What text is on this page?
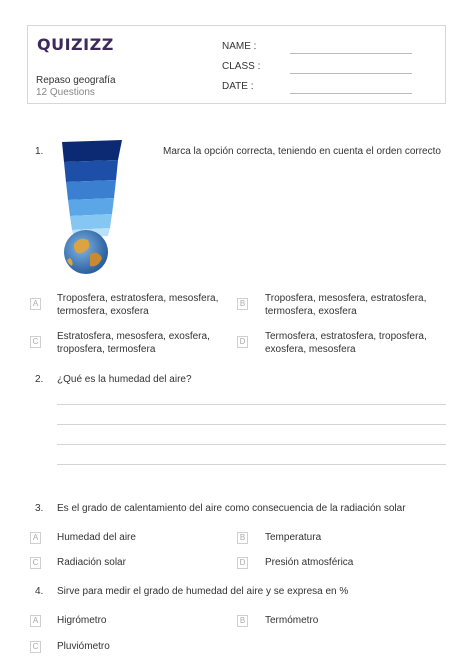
QUIZIZZ
Repaso geografía
12 Questions
NAME :
CLASS :
DATE :
1.	Marca la opción correcta, teniendo en cuenta el orden correcto
A Troposfera, estratosfera, mesosfera,
termosfera, exosfera
B Troposfera, mesosfera, estratosfera,
termosfera, exosfera
C Estratosfera, mesosfera, exosfera,
troposfera, termosfera
D Termosfera, estratosfera, troposfera,
exosfera, mesosfera
2. ¿Qué es la humedad del aire?
3. Es el grado de calentamiento del aire como consecuencia de la radiación solar
A Humedad del aire	B Temperatura
C Radiación solar	D Presión atmosférica
4. Sirve para medir el grado de humedad del aire y se expresa en %
A Higrómetro	B Termómetro
C Pluviómetro
